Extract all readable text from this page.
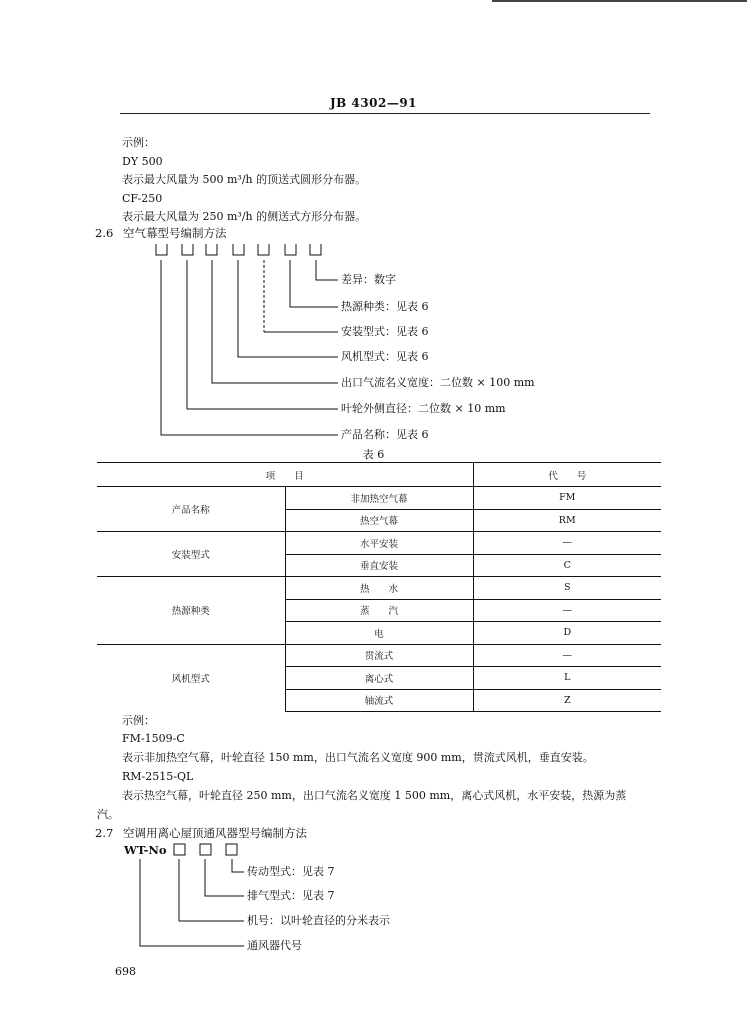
JB 4302—91
示例：
DY 500
表示最大风量为 500 m³/h 的顶送式圆形分布器。
CF-250
表示最大风量为 250 m³/h 的侧送式方形分布器。
2.6 空气幕型号编制方法
差异：数字
热源种类：见表 6
安装型式：见表 6
风机型式：见表 6
出口气流名义宽度：二位数 × 100 mm
叶轮外侧直径：二位数 × 10 mm
产品名称：见表 6
表 6
项　　目		代　　号
产品名称	非加热空气幕	FM
	热空气幕	RM
安装型式	水平安装	—
	垂直安装	C
热源种类	热　　水	S
	蒸　　汽	—
	电	D
风机型式	贯流式	—
	离心式	L
	轴流式	Z
示例：
FM-1509-C
表示非加热空气幕，叶轮直径 150 mm，出口气流名义宽度 900 mm，贯流式风机，垂直安装。
RM-2515-QL
表示热空气幕，叶轮直径 250 mm，出口气流名义宽度 1 500 mm，离心式风机，水平安装，热源为蒸
汽。
2.7 空调用离心屋顶通风器型号编制方法
WT-No
传动型式：见表 7
排气型式：见表 7
机号：以叶轮直径的分米表示
通风器代号
698
